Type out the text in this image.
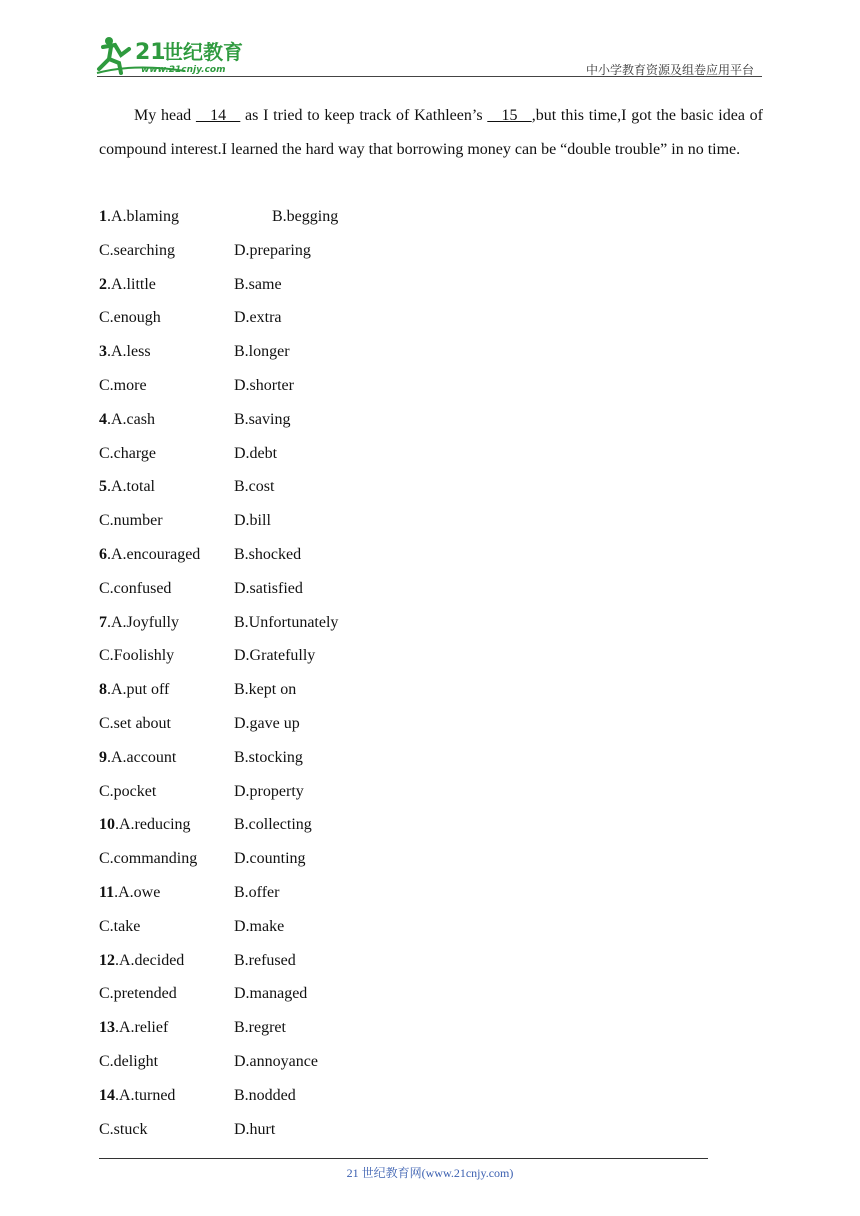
21
世纪教育
www.21cnjy.com	中小学教育资源及组卷应用平台
My head    14    as I tried to keep track of Kathleen’s    15   ,but this time,I got the basic idea of compound interest.I learned the hard way that borrowing money can be “double trouble” in no time.
1.A.blaming	B.begging
C.searching	D.preparing
2.A.little	B.same
C.enough	D.extra
3.A.less	B.longer
C.more	D.shorter
4.A.cash	B.saving
C.charge	D.debt
5.A.total	B.cost
C.number	D.bill
6.A.encouraged B.shocked
C.confused	D.satisfied
7.A.Joyfully	B.Unfortunately
C.Foolishly	D.Gratefully
8.A.put off	B.kept on
C.set about	D.gave up
9.A.account	B.stocking
C.pocket	D.property
10.A.reducing	B.collecting
C.commanding D.counting
11.A.owe	B.offer
C.take	D.make
12.A.decided	B.refused
C.pretended	D.managed
13.A.relief	B.regret
C.delight	D.annoyance
14.A.turned	B.nodded
C.stuck	D.hurt
21 世纪教育网(www.21cnjy.com)
